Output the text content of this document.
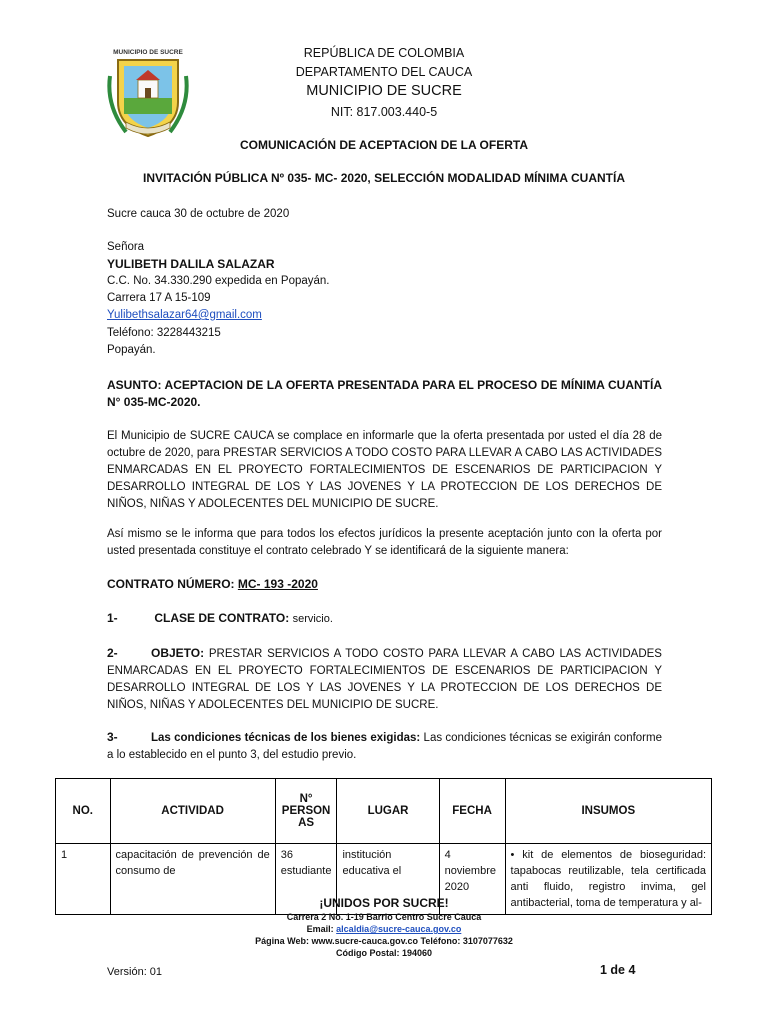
MUNICIPIO DE SUCRE	REPÚBLICA DE COLOMBIA
DEPARTAMENTO DEL CAUCA
MUNICIPIO DE SUCRE
NIT: 817.003.440-5
COMUNICACIÓN DE ACEPTACION DE LA OFERTA
INVITACIÓN PÚBLICA Nº 035- MC- 2020, SELECCIÓN MODALIDAD MÍNIMA CUANTÍA
Sucre cauca 30 de octubre de 2020
Señora
YULIBETH DALILA SALAZAR
C.C. No. 34.330.290 expedida en Popayán.
Carrera 17 A 15-109
Yulibethsalazar64@gmail.com
Teléfono: 3228443215
Popayán.
ASUNTO: ACEPTACION DE LA OFERTA PRESENTADA PARA EL PROCESO DE MÍNIMA CUANTÍA N° 035-MC-2020.
El Municipio de SUCRE CAUCA se complace en informarle que la oferta presentada por usted el día 28 de octubre de 2020, para PRESTAR SERVICIOS A TODO COSTO PARA LLEVAR A CABO LAS ACTIVIDADES ENMARCADAS EN EL PROYECTO FORTALECIMIENTOS DE ESCENARIOS DE PARTICIPACION Y DESARROLLO INTEGRAL DE LOS Y LAS JOVENES Y LA PROTECCION DE LOS DERECHOS DE NIÑOS, NIÑAS Y ADOLECENTES DEL MUNICIPIO DE SUCRE.
Así mismo se le informa que para todos los efectos jurídicos la presente aceptación junto con la oferta por usted presentada constituye el contrato celebrado Y se identificará de la siguiente manera:
CONTRATO NÚMERO: MC- 193 -2020
1-	CLASE DE CONTRATO: servicio.
2-	OBJETO: PRESTAR SERVICIOS A TODO COSTO PARA LLEVAR A CABO LAS ACTIVIDADES ENMARCADAS EN EL PROYECTO FORTALECIMIENTOS DE ESCENARIOS DE PARTICIPACION Y DESARROLLO INTEGRAL DE LOS Y LAS JOVENES Y LA PROTECCION DE LOS DERECHOS DE NIÑOS, NIÑAS Y ADOLECENTES DEL MUNICIPIO DE SUCRE.
3-	Las condiciones técnicas de los bienes exigidas: Las condiciones técnicas se exigirán conforme a lo establecido en el punto 3, del estudio previo.
NO.	ACTIVIDAD	N° PERSON AS	LUGAR	FECHA	INSUMOS
1	capacitación de prevención de consumo de	36 estudiante	institución educativa el	4 noviembre 2020	• kit de elementos de bioseguridad: tapabocas reutilizable, tela certificada anti fluido, registro invima, gel antibacterial, toma de temperatura y al-
¡UNIDOS POR SUCRE!
Carrera 2 No. 1-19 Barrio Centro Sucre Cauca
Email: alcaldia@sucre-cauca.gov.co
Página Web: www.sucre-cauca.gov.co Teléfono: 3107077632
Código Postal: 194060
Versión: 01	1 de 4
